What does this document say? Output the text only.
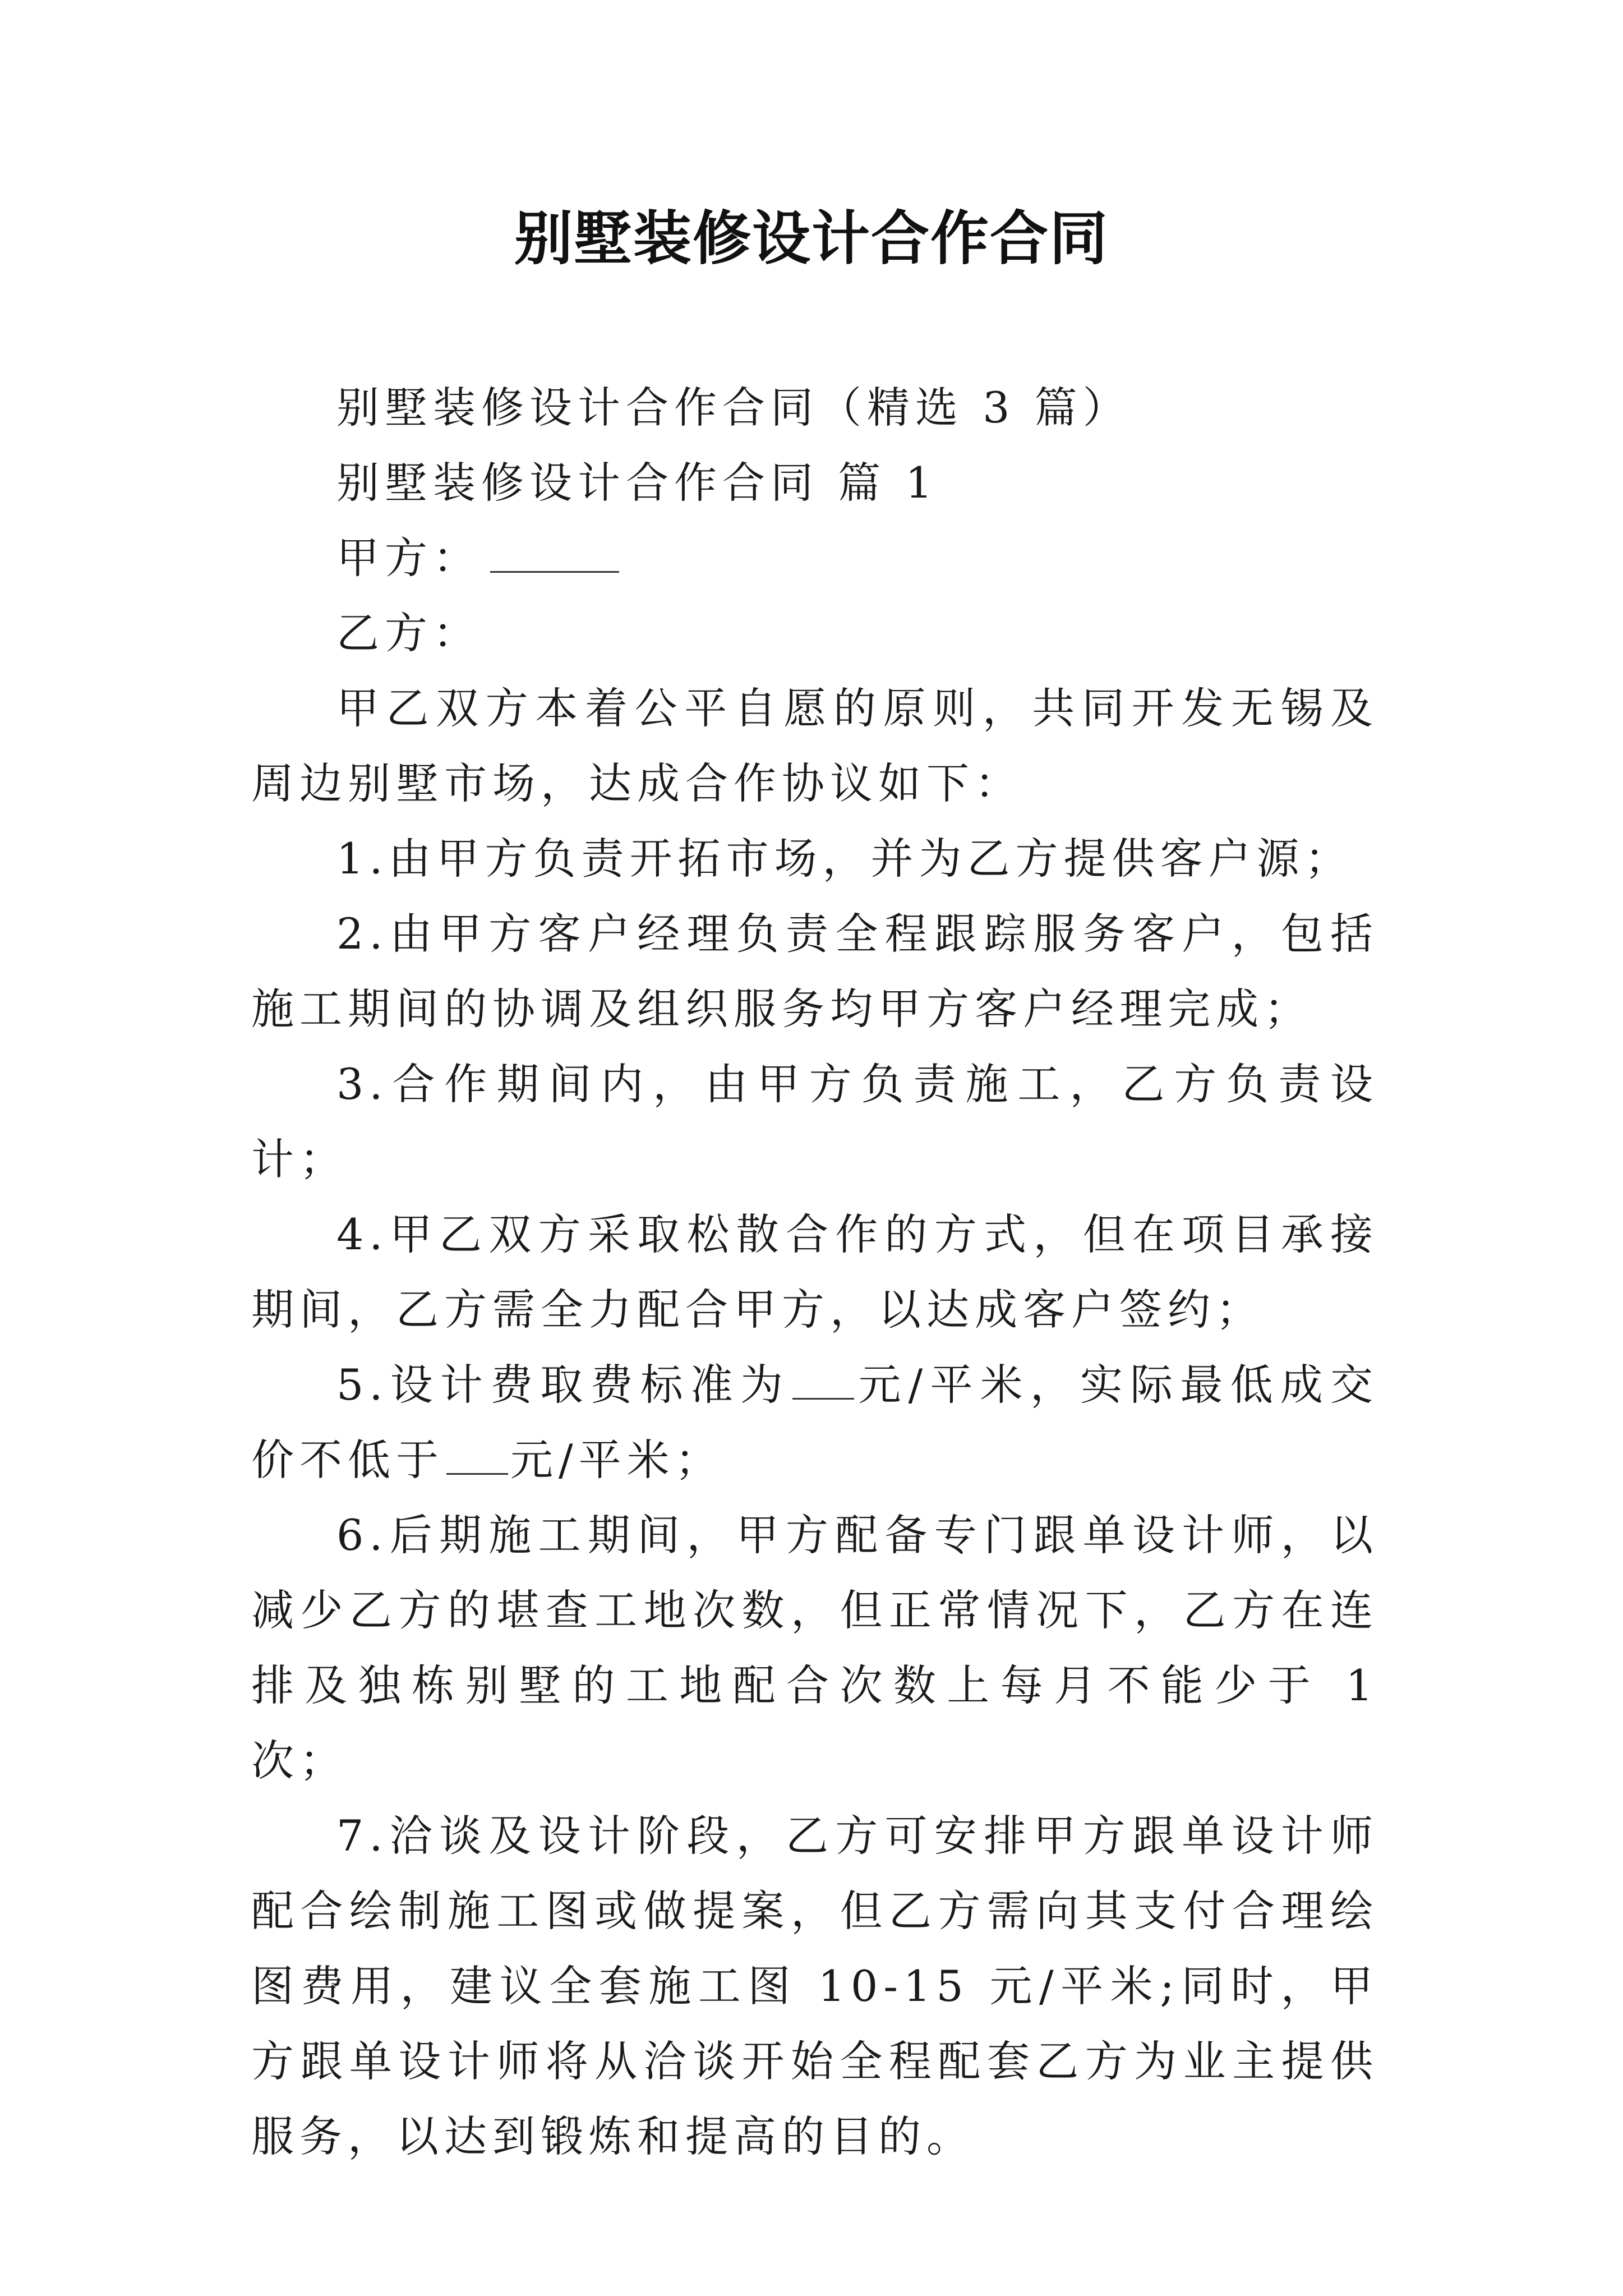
别墅装修设计合作合同

别墅装修设计合作合同（精选 3 篇）

别墅装修设计合作合同 篇 1

甲方：

乙方：

甲乙双方本着公平自愿的原则，共同开发无锡及周边别墅市场，达成合作协议如下：

1.由甲方负责开拓市场，并为乙方提供客户源；

2.由甲方客户经理负责全程跟踪服务客户，包括施工期间的协调及组织服务均甲方客户经理完成；

3.合作期间内，由甲方负责施工，乙方负责设计；

4.甲乙双方采取松散合作的方式，但在项目承接期间，乙方需全力配合甲方，以达成客户签约；

5.设计费取费标准为 元/平米，实际最低成交价不低于 元/平米；

6.后期施工期间，甲方配备专门跟单设计师，以减少乙方的堪查工地次数，但正常情况下，乙方在连排及独栋别墅的工地配合次数上每月不能少于 1 次；

7.洽谈及设计阶段，乙方可安排甲方跟单设计师配合绘制施工图或做提案，但乙方需向其支付合理绘图费用，建议全套施工图 10-15 元/平米;同时，甲方跟单设计师将从洽谈开始全程配套乙方为业主提供服务，以达到锻炼和提高的目的。
